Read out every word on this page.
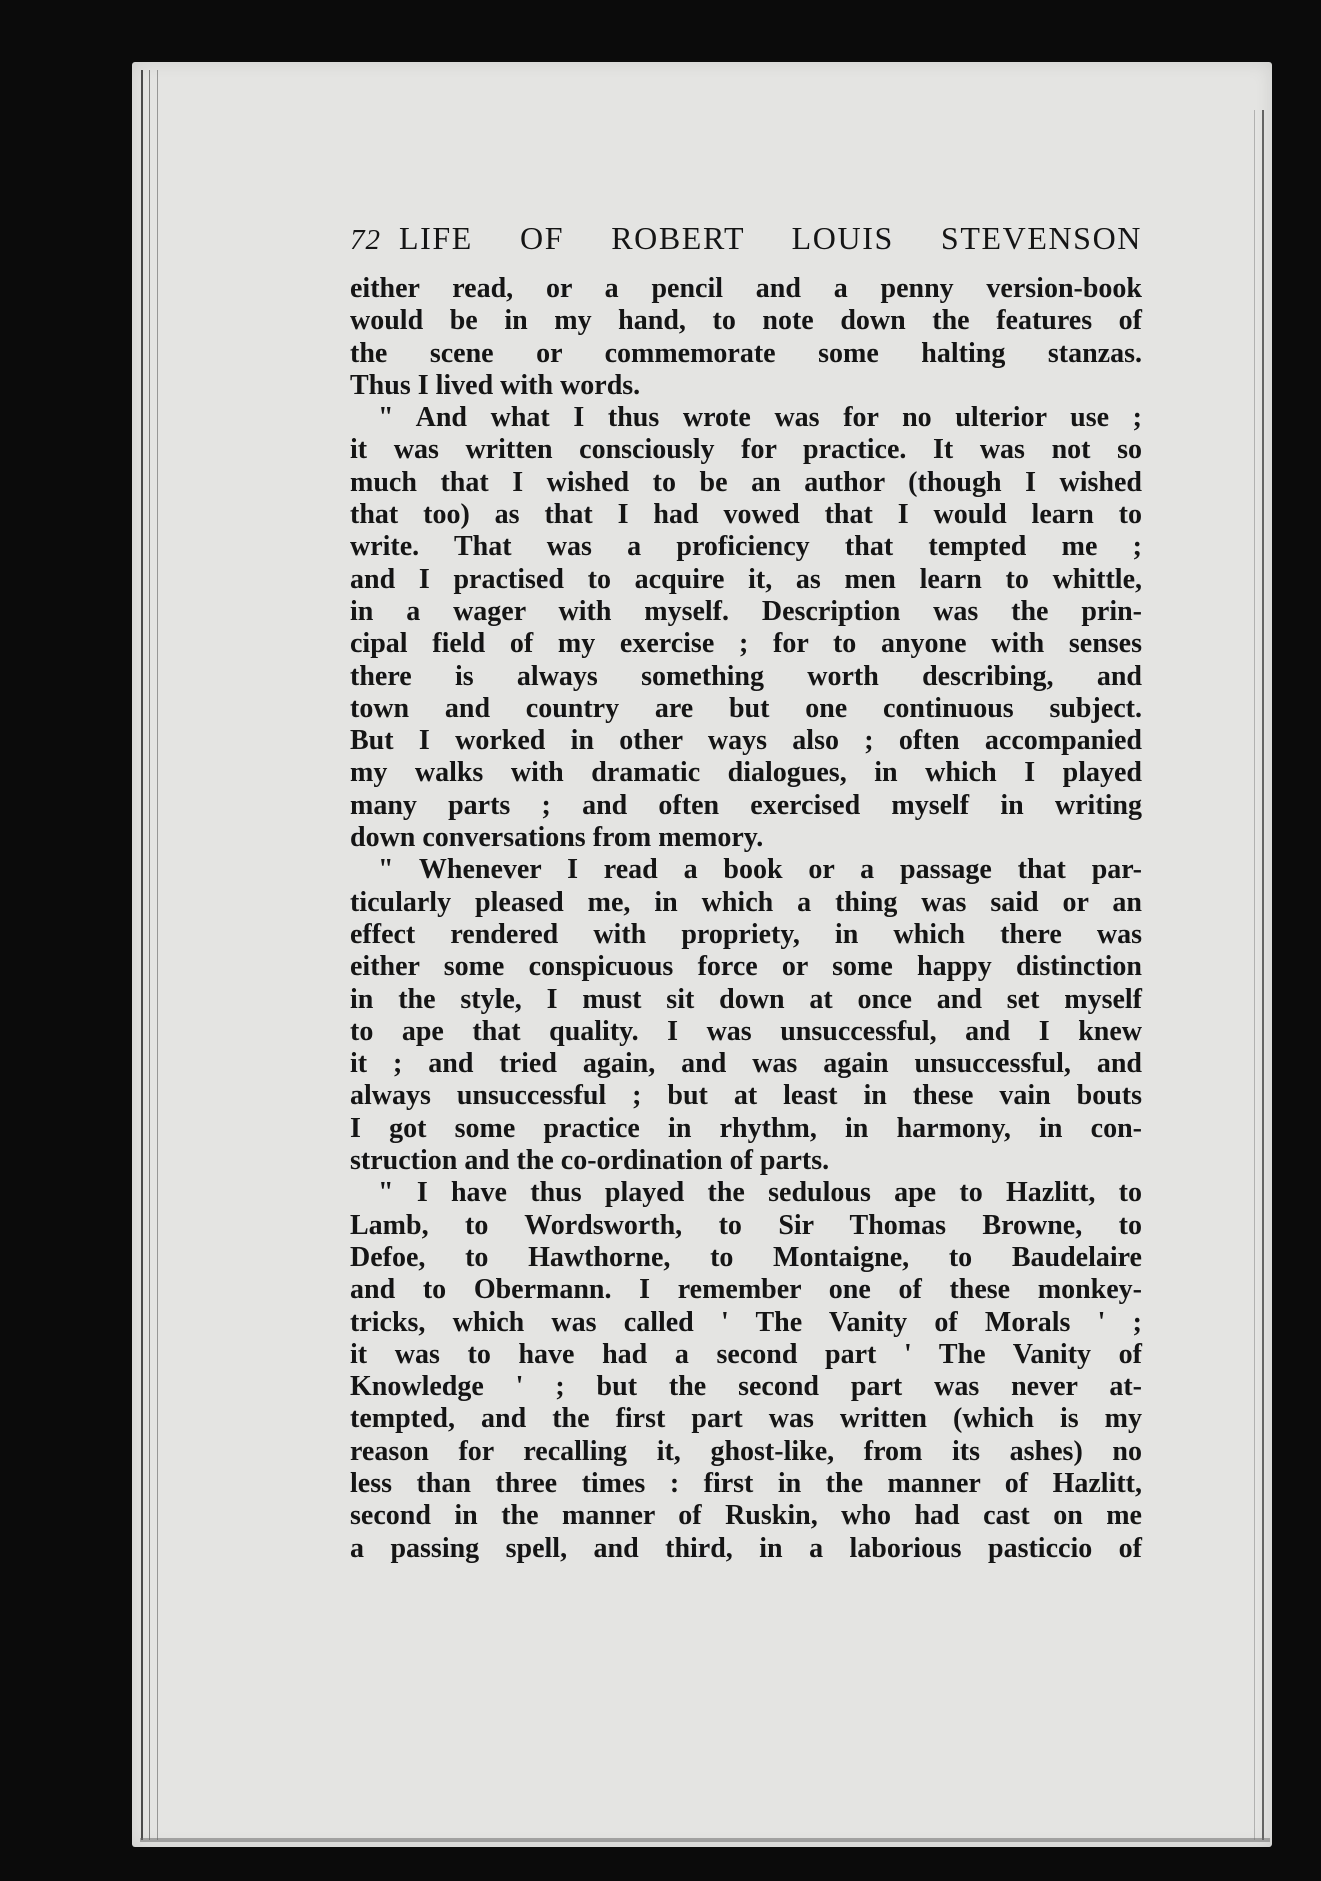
72 LIFE OF ROBERT LOUIS STEVENSON
either read, or a pencil and a penny version-book
would be in my hand, to note down the features of
the scene or commemorate some halting stanzas.
Thus I lived with words.
" And what I thus wrote was for no ulterior use ;
it was written consciously for practice. It was not so
much that I wished to be an author (though I wished
that too) as that I had vowed that I would learn to
write. That was a proficiency that tempted me ;
and I practised to acquire it, as men learn to whittle,
in a wager with myself. Description was the prin-
cipal field of my exercise ; for to anyone with senses
there is always something worth describing, and
town and country are but one continuous subject.
But I worked in other ways also ; often accompanied
my walks with dramatic dialogues, in which I played
many parts ; and often exercised myself in writing
down conversations from memory.
" Whenever I read a book or a passage that par-
ticularly pleased me, in which a thing was said or an
effect rendered with propriety, in which there was
either some conspicuous force or some happy distinction
in the style, I must sit down at once and set myself
to ape that quality. I was unsuccessful, and I knew
it ; and tried again, and was again unsuccessful, and
always unsuccessful ; but at least in these vain bouts
I got some practice in rhythm, in harmony, in con-
struction and the co-ordination of parts.
" I have thus played the sedulous ape to Hazlitt, to
Lamb, to Wordsworth, to Sir Thomas Browne, to
Defoe, to Hawthorne, to Montaigne, to Baudelaire
and to Obermann. I remember one of these monkey-
tricks, which was called ' The Vanity of Morals ' ;
it was to have had a second part ' The Vanity of
Knowledge ' ; but the second part was never at-
tempted, and the first part was written (which is my
reason for recalling it, ghost-like, from its ashes) no
less than three times : first in the manner of Hazlitt,
second in the manner of Ruskin, who had cast on me
a passing spell, and third, in a laborious pasticcio of
